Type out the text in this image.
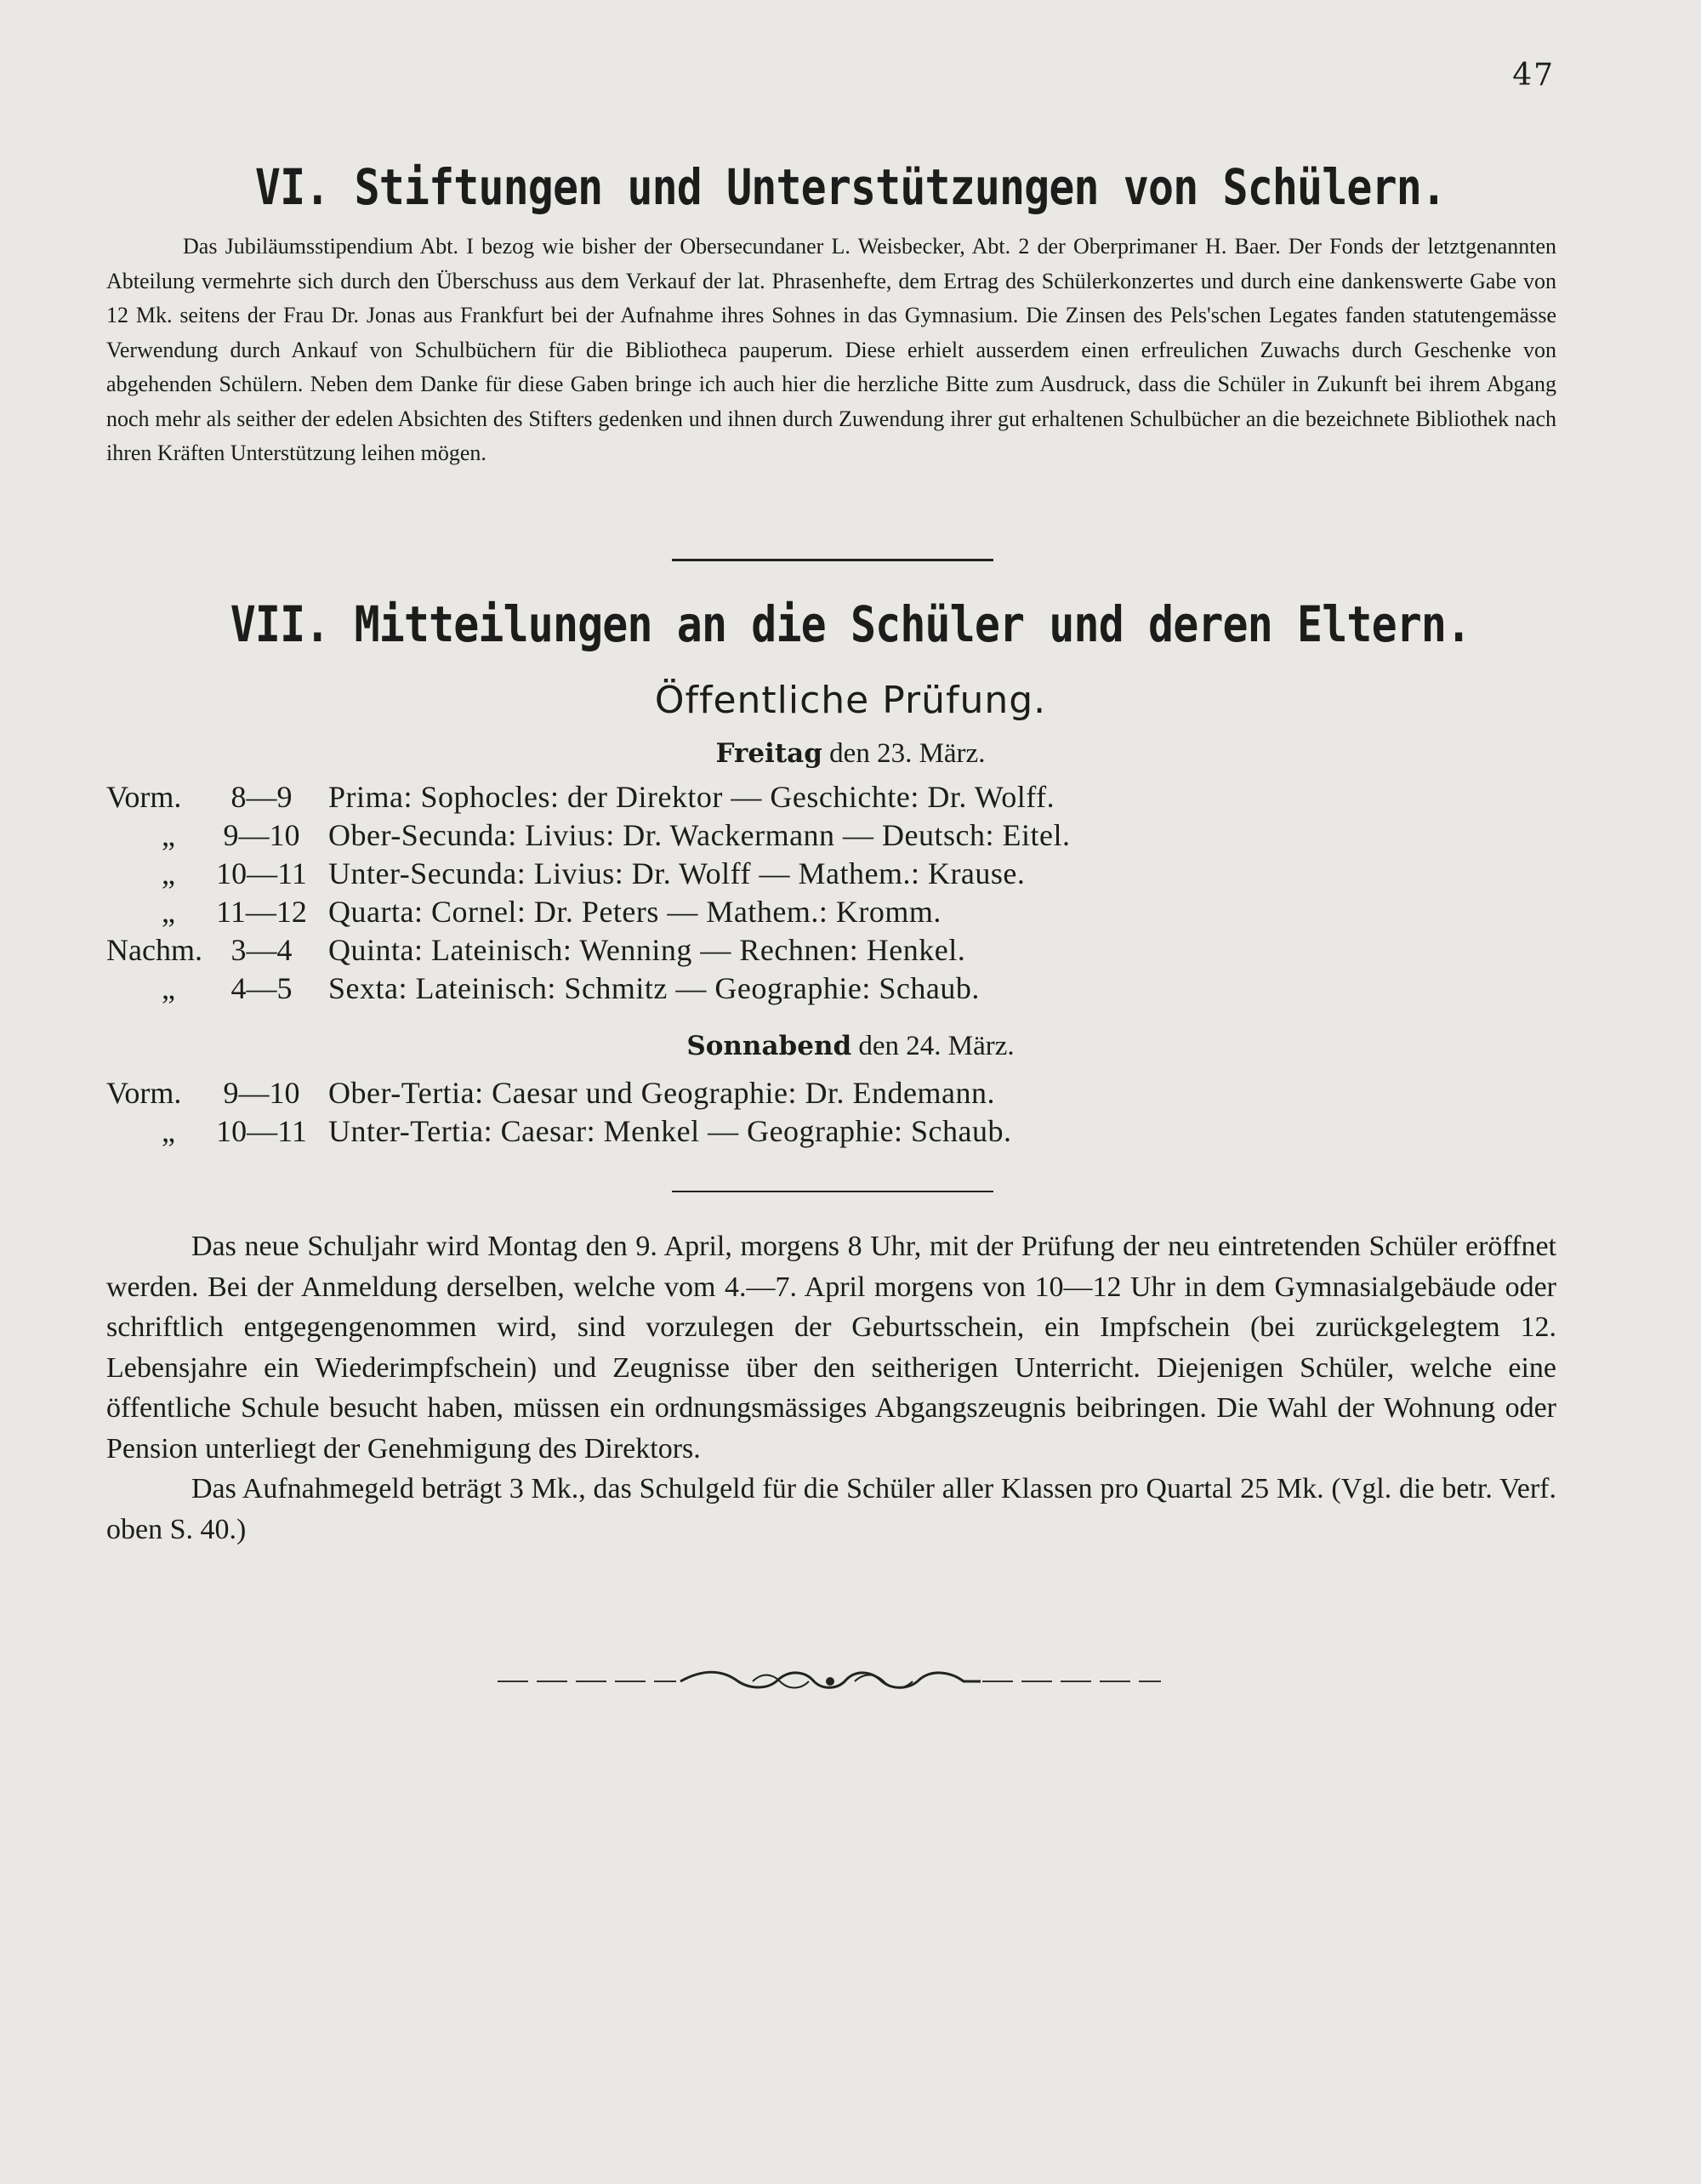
47
VI. Stiftungen und Unterstützungen von Schülern.

Das Jubiläumsstipendium Abt. I bezog wie bisher der Obersecundaner L. Weisbecker, Abt. 2 der Oberprimaner H. Baer. Der Fonds der letztgenannten Abteilung vermehrte sich durch den Überschuss aus dem Verkauf der lat. Phrasenhefte, dem Ertrag des Schülerkonzertes und durch eine dankenswerte Gabe von 12 Mk. seitens der Frau Dr. Jonas aus Frankfurt bei der Aufnahme ihres Sohnes in das Gymnasium. Die Zinsen des Pels'schen Legates fanden statutengemässe Verwendung durch Ankauf von Schulbüchern für die Bibliotheca pauperum. Diese erhielt ausserdem einen erfreulichen Zuwachs durch Geschenke von abgehenden Schülern. Neben dem Danke für diese Gaben bringe ich auch hier die herzliche Bitte zum Ausdruck, dass die Schüler in Zukunft bei ihrem Abgang noch mehr als seither der edelen Absichten des Stifters gedenken und ihnen durch Zuwendung ihrer gut erhaltenen Schulbücher an die bezeichnete Bibliothek nach ihren Kräften Unterstützung leihen mögen.

VII. Mitteilungen an die Schüler und deren Eltern.
Öffentliche Prüfung.
Freitag den 23. März.
Vorm.	8—9	Prima: Sophocles: der Direktor — Geschichte: Dr. Wolff.
„	9—10 Ober-Secunda: Livius: Dr. Wackermann — Deutsch: Eitel.
„	10—11 Unter-Secunda: Livius: Dr. Wolff — Mathem.: Krause.
„	11—12 Quarta: Cornel: Dr. Peters — Mathem.: Kromm.
Nachm. 3—4	Quinta: Lateinisch: Wenning — Rechnen: Henkel.
„	4—5	Sexta: Lateinisch: Schmitz — Geographie: Schaub.
Sonnabend den 24. März.
Vorm.	9—10 Ober-Tertia: Caesar und Geographie: Dr. Endemann.
„	10—11 Unter-Tertia: Caesar: Menkel — Geographie: Schaub.

Das neue Schuljahr wird Montag den 9. April, morgens 8 Uhr, mit der Prüfung der neu eintretenden Schüler eröffnet werden. Bei der Anmeldung derselben, welche vom 4.—7. April morgens von 10—12 Uhr in dem Gymnasialgebäude oder schriftlich entgegengenommen wird, sind vorzulegen der Geburtsschein, ein Impfschein (bei zurückgelegtem 12. Lebensjahre ein Wiederimpfschein) und Zeugnisse über den seitherigen Unterricht. Diejenigen Schüler, welche eine öffentliche Schule besucht haben, müssen ein ordnungsmässiges Abgangszeugnis beibringen. Die Wahl der Wohnung oder Pension unterliegt der Genehmigung des Direktors.

Das Aufnahmegeld beträgt 3 Mk., das Schulgeld für die Schüler aller Klassen pro Quartal 25 Mk. (Vgl. die betr. Verf. oben S. 40.)
